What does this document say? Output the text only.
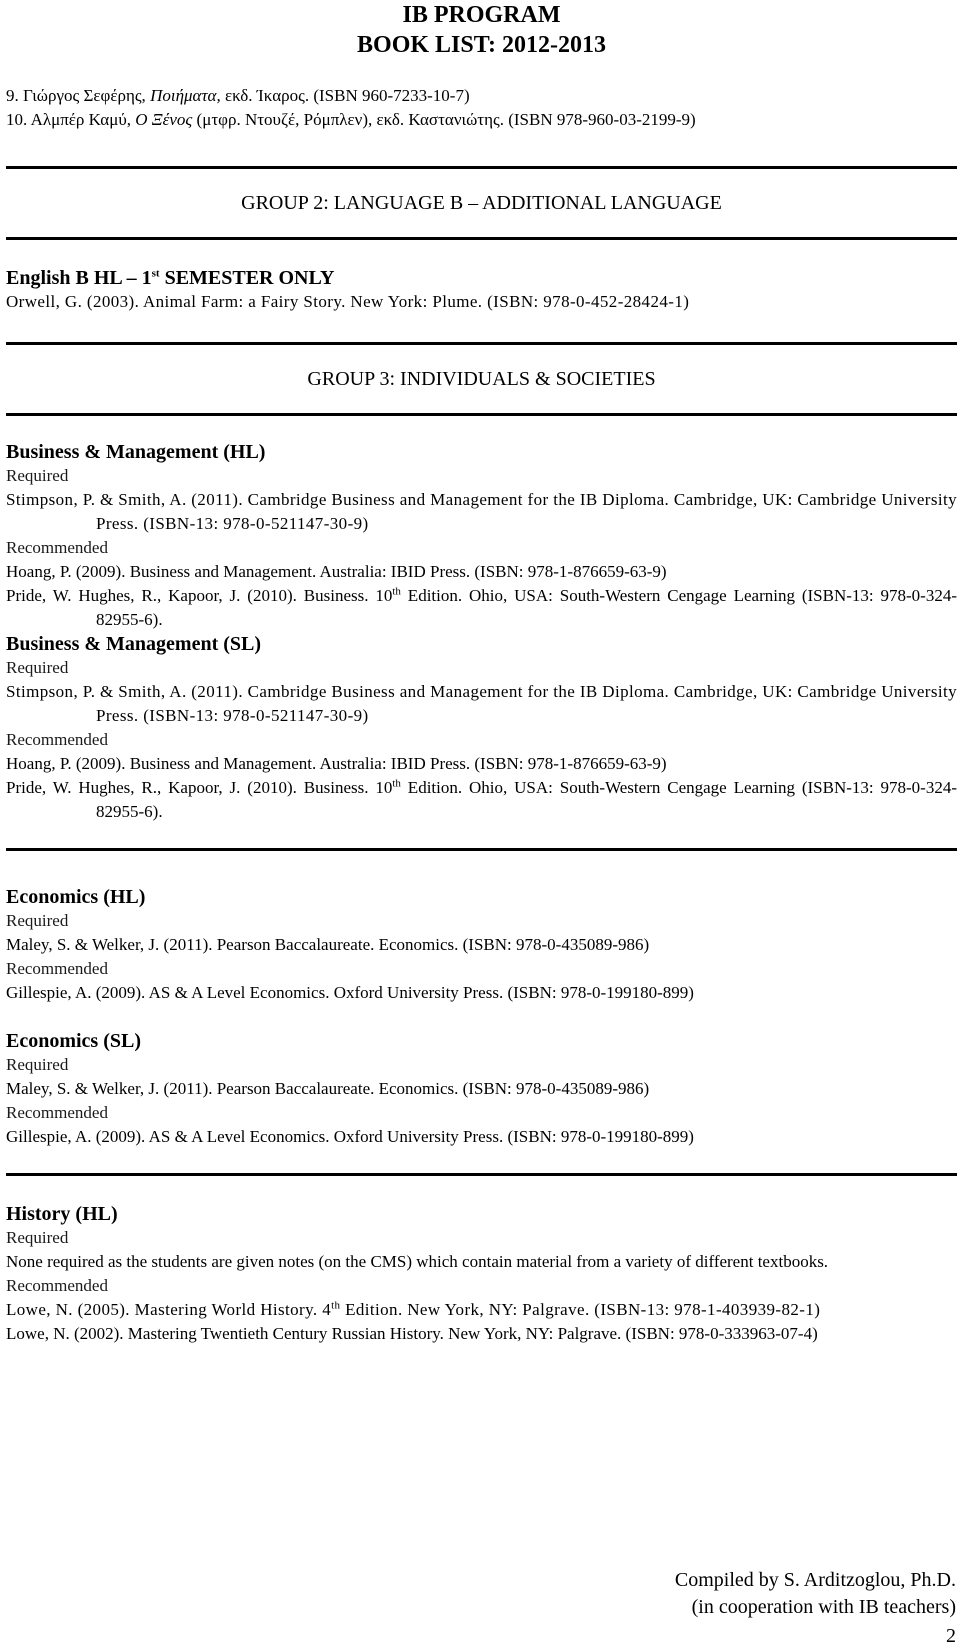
IB PROGRAM
BOOK LIST: 2012-2013

9. Γιώργος Σεφέρης, Ποιήματα, εκδ. Ίκαρος. (ISBN 960-7233-10-7)

10. Αλμπέρ Καμύ, Ο Ξένος (μτφρ. Ντουζέ, Ρόμπλεν), εκδ. Καστανιώτης. (ISBN 978-960-03-2199-9)

GROUP 2: LANGUAGE B – ADDITIONAL LANGUAGE
English B HL – 1st SEMESTER ONLY

Orwell, G. (2003). Animal Farm: a Fairy Story. New York: Plume. (ISBN: 978-0-452-28424-1)

GROUP 3: INDIVIDUALS & SOCIETIES
Business & Management (HL)
Required

Stimpson, P. & Smith, A. (2011). Cambridge Business and Management for the IB Diploma. Cambridge, UK: Cambridge University Press. (ISBN-13: 978-0-521147-30-9)

Recommended

Hoang, P. (2009). Business and Management. Australia: IBID Press. (ISBN: 978-1-876659-63-9)

Pride, W. Hughes, R., Kapoor, J. (2010). Business. 10th Edition. Ohio, USA: South-Western Cengage Learning (ISBN-13: 978-0-324-82955-6).

Business & Management (SL)
Required

Stimpson, P. & Smith, A. (2011). Cambridge Business and Management for the IB Diploma. Cambridge, UK: Cambridge University Press. (ISBN-13: 978-0-521147-30-9)

Recommended

Hoang, P. (2009). Business and Management. Australia: IBID Press. (ISBN: 978-1-876659-63-9)

Pride, W. Hughes, R., Kapoor, J. (2010). Business. 10th Edition. Ohio, USA: South-Western Cengage Learning (ISBN-13: 978-0-324-82955-6).

Economics (HL)
Required

Maley, S. & Welker, J. (2011). Pearson Baccalaureate. Economics. (ISBN: 978-0-435089-986)

Recommended

Gillespie, A. (2009). AS & A Level Economics. Oxford University Press. (ISBN: 978-0-199180-899)

Economics (SL)
Required

Maley, S. & Welker, J. (2011). Pearson Baccalaureate. Economics. (ISBN: 978-0-435089-986)

Recommended

Gillespie, A. (2009). AS & A Level Economics. Oxford University Press. (ISBN: 978-0-199180-899)

History (HL)
Required

None required as the students are given notes (on the CMS) which contain material from a variety of different textbooks.

Recommended

Lowe, N. (2005). Mastering World History. 4th Edition. New York, NY: Palgrave. (ISBN-13: 978-1-403939-82-1)

Lowe, N. (2002). Mastering Twentieth Century Russian History. New York, NY: Palgrave. (ISBN: 978-0-333963-07-4)

Compiled by S. Arditzoglou, Ph.D.
(in cooperation with IB teachers)
2
